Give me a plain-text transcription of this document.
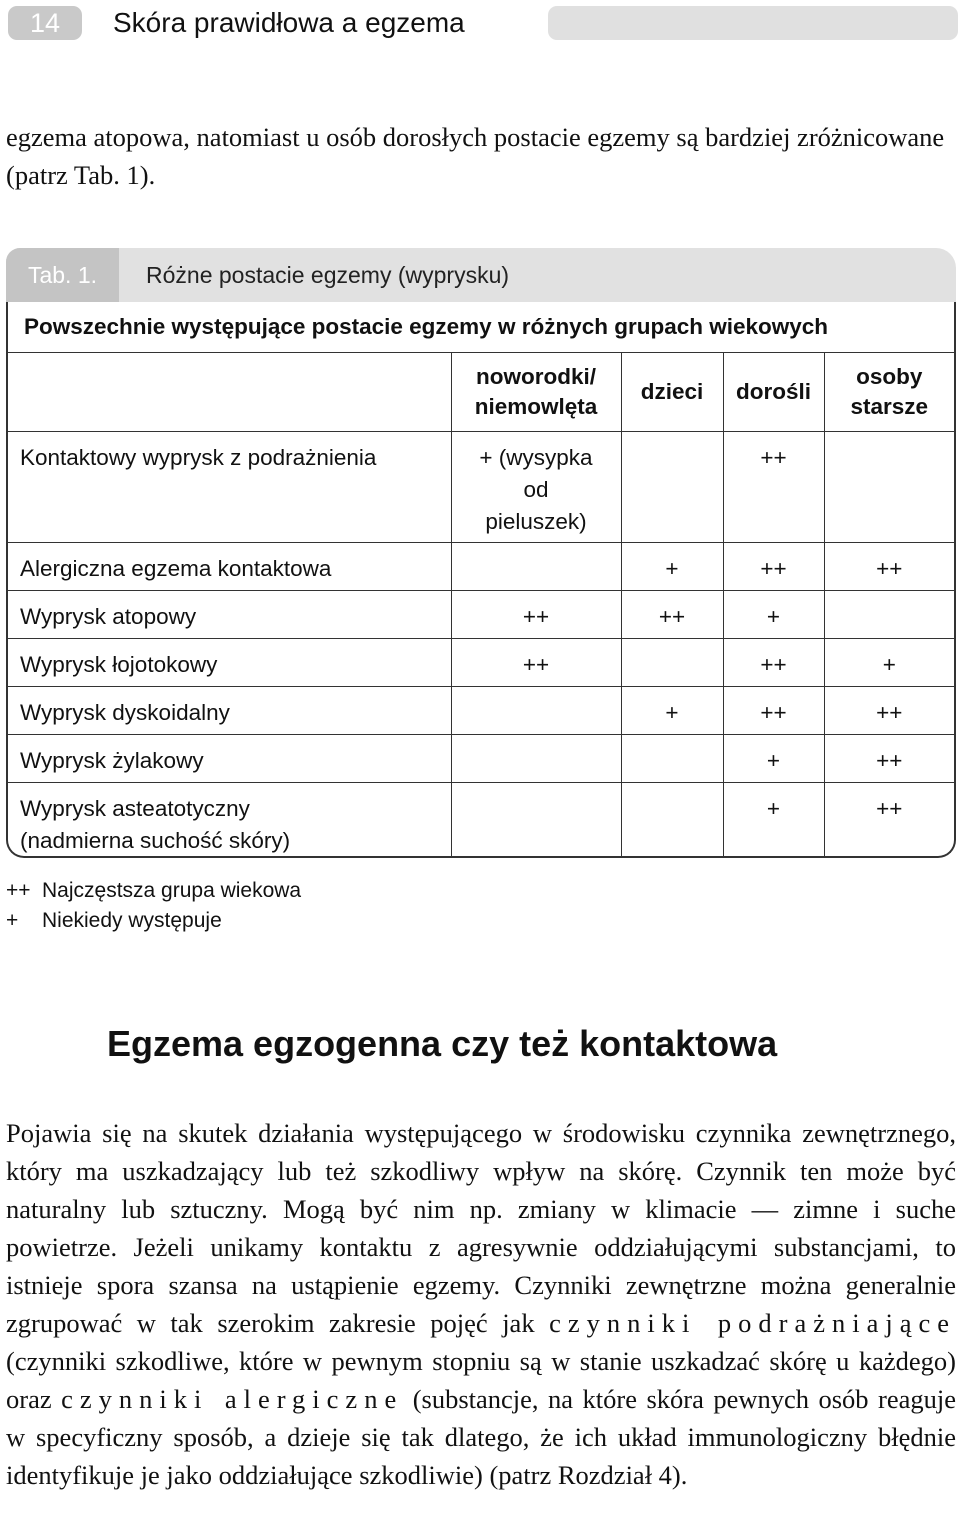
14	Skóra prawidłowa a egzema
egzema atopowa, natomiast u osób dorosłych postacie egzemy są bardziej zróżnicowane (patrz Tab. 1).
Tab. 1.	Różne postacie egzemy (wyprysku)
Powszechnie występujące postacie egzemy w różnych grupach wiekowych				
	noworodki/ niemowlęta	dzieci	dorośli	osoby starsze
Kontaktowy wyprysk z podrażnienia	+ (wysypka od pieluszek)		++	
Alergiczna egzema kontaktowa		+	++	++
Wyprysk atopowy	++	++	+	
Wyprysk łojotokowy	++		++	+
Wyprysk dyskoidalny		+	++	++
Wyprysk żylakowy			+	++
Wyprysk asteatotyczny (nadmierna suchość skóry)			+	++
++ Najczęstsza grupa wiekowa
+ Niekiedy występuje
Egzema egzogenna czy też kontaktowa
Pojawia się na skutek działania występującego w środowisku czynnika zewnętrznego, który ma uszkadzający lub też szkodliwy wpływ na skórę. Czynnik ten może być naturalny lub sztuczny. Mogą być nim np. zmiany w klimacie — zimne i suche powietrze. Jeżeli unikamy kontaktu z agresywnie oddziałującymi substancjami, to istnieje spora szansa na ustąpienie egzemy. Czynniki zewnętrzne można generalnie zgrupować w tak szerokim zakresie pojęć jak czynniki podrażniające (czynniki szkodliwe, które w pewnym stopniu są w stanie uszkadzać skórę u każdego) oraz czynniki alergiczne (substancje, na które skóra pewnych osób reaguje w specyficzny sposób, a dzieje się tak dlatego, że ich układ immunologiczny błędnie identyfikuje je jako oddziałujące szkodliwie) (patrz Rozdział 4).
